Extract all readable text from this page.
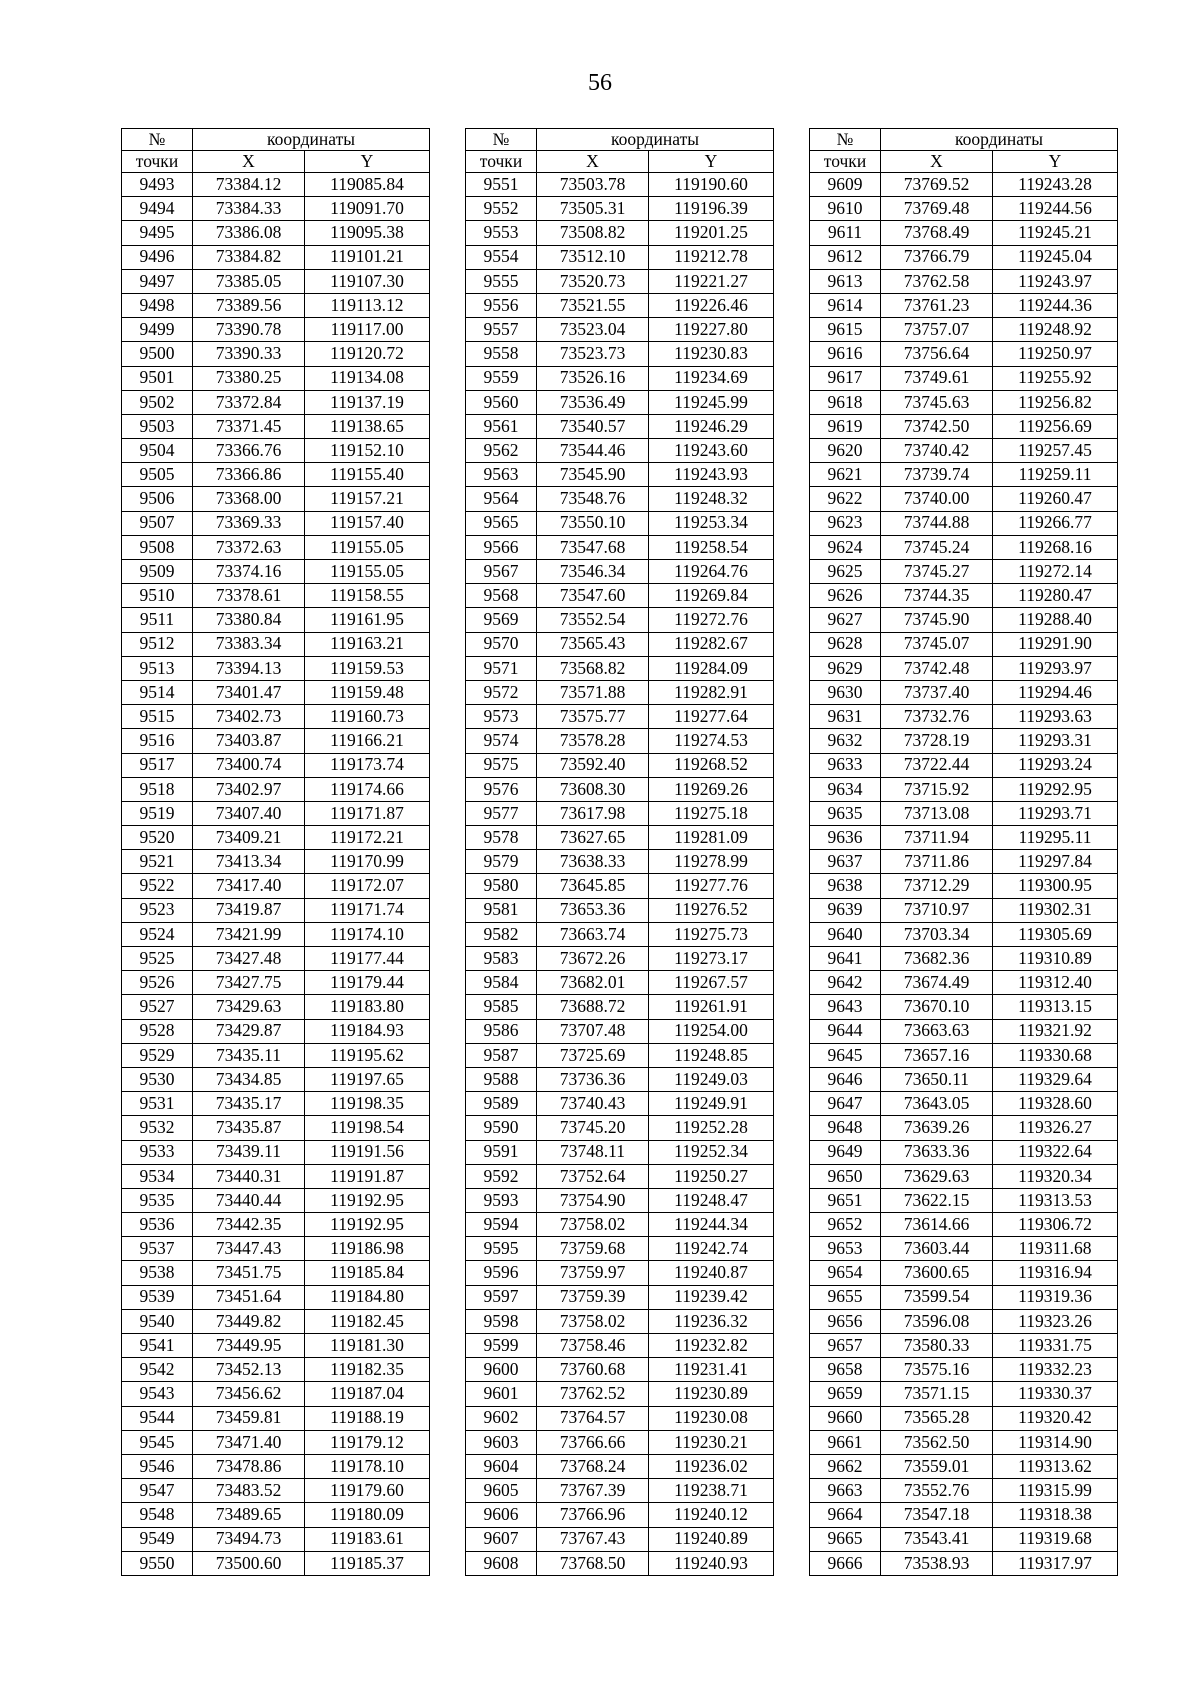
56
№	координаты	
точки	X	Y
9493	73384.12	119085.84
9494	73384.33	119091.70
9495	73386.08	119095.38
9496	73384.82	119101.21
9497	73385.05	119107.30
9498	73389.56	119113.12
9499	73390.78	119117.00
9500	73390.33	119120.72
9501	73380.25	119134.08
9502	73372.84	119137.19
9503	73371.45	119138.65
9504	73366.76	119152.10
9505	73366.86	119155.40
9506	73368.00	119157.21
9507	73369.33	119157.40
9508	73372.63	119155.05
9509	73374.16	119155.05
9510	73378.61	119158.55
9511	73380.84	119161.95
9512	73383.34	119163.21
9513	73394.13	119159.53
9514	73401.47	119159.48
9515	73402.73	119160.73
9516	73403.87	119166.21
9517	73400.74	119173.74
9518	73402.97	119174.66
9519	73407.40	119171.87
9520	73409.21	119172.21
9521	73413.34	119170.99
9522	73417.40	119172.07
9523	73419.87	119171.74
9524	73421.99	119174.10
9525	73427.48	119177.44
9526	73427.75	119179.44
9527	73429.63	119183.80
9528	73429.87	119184.93
9529	73435.11	119195.62
9530	73434.85	119197.65
9531	73435.17	119198.35
9532	73435.87	119198.54
9533	73439.11	119191.56
9534	73440.31	119191.87
9535	73440.44	119192.95
9536	73442.35	119192.95
9537	73447.43	119186.98
9538	73451.75	119185.84
9539	73451.64	119184.80
9540	73449.82	119182.45
9541	73449.95	119181.30
9542	73452.13	119182.35
9543	73456.62	119187.04
9544	73459.81	119188.19
9545	73471.40	119179.12
9546	73478.86	119178.10
9547	73483.52	119179.60
9548	73489.65	119180.09
9549	73494.73	119183.61
9550	73500.60	119185.37
№	координаты	
точки	X	Y
9551	73503.78	119190.60
9552	73505.31	119196.39
9553	73508.82	119201.25
9554	73512.10	119212.78
9555	73520.73	119221.27
9556	73521.55	119226.46
9557	73523.04	119227.80
9558	73523.73	119230.83
9559	73526.16	119234.69
9560	73536.49	119245.99
9561	73540.57	119246.29
9562	73544.46	119243.60
9563	73545.90	119243.93
9564	73548.76	119248.32
9565	73550.10	119253.34
9566	73547.68	119258.54
9567	73546.34	119264.76
9568	73547.60	119269.84
9569	73552.54	119272.76
9570	73565.43	119282.67
9571	73568.82	119284.09
9572	73571.88	119282.91
9573	73575.77	119277.64
9574	73578.28	119274.53
9575	73592.40	119268.52
9576	73608.30	119269.26
9577	73617.98	119275.18
9578	73627.65	119281.09
9579	73638.33	119278.99
9580	73645.85	119277.76
9581	73653.36	119276.52
9582	73663.74	119275.73
9583	73672.26	119273.17
9584	73682.01	119267.57
9585	73688.72	119261.91
9586	73707.48	119254.00
9587	73725.69	119248.85
9588	73736.36	119249.03
9589	73740.43	119249.91
9590	73745.20	119252.28
9591	73748.11	119252.34
9592	73752.64	119250.27
9593	73754.90	119248.47
9594	73758.02	119244.34
9595	73759.68	119242.74
9596	73759.97	119240.87
9597	73759.39	119239.42
9598	73758.02	119236.32
9599	73758.46	119232.82
9600	73760.68	119231.41
9601	73762.52	119230.89
9602	73764.57	119230.08
9603	73766.66	119230.21
9604	73768.24	119236.02
9605	73767.39	119238.71
9606	73766.96	119240.12
9607	73767.43	119240.89
9608	73768.50	119240.93
№	координаты	
точки	X	Y
9609	73769.52	119243.28
9610	73769.48	119244.56
9611	73768.49	119245.21
9612	73766.79	119245.04
9613	73762.58	119243.97
9614	73761.23	119244.36
9615	73757.07	119248.92
9616	73756.64	119250.97
9617	73749.61	119255.92
9618	73745.63	119256.82
9619	73742.50	119256.69
9620	73740.42	119257.45
9621	73739.74	119259.11
9622	73740.00	119260.47
9623	73744.88	119266.77
9624	73745.24	119268.16
9625	73745.27	119272.14
9626	73744.35	119280.47
9627	73745.90	119288.40
9628	73745.07	119291.90
9629	73742.48	119293.97
9630	73737.40	119294.46
9631	73732.76	119293.63
9632	73728.19	119293.31
9633	73722.44	119293.24
9634	73715.92	119292.95
9635	73713.08	119293.71
9636	73711.94	119295.11
9637	73711.86	119297.84
9638	73712.29	119300.95
9639	73710.97	119302.31
9640	73703.34	119305.69
9641	73682.36	119310.89
9642	73674.49	119312.40
9643	73670.10	119313.15
9644	73663.63	119321.92
9645	73657.16	119330.68
9646	73650.11	119329.64
9647	73643.05	119328.60
9648	73639.26	119326.27
9649	73633.36	119322.64
9650	73629.63	119320.34
9651	73622.15	119313.53
9652	73614.66	119306.72
9653	73603.44	119311.68
9654	73600.65	119316.94
9655	73599.54	119319.36
9656	73596.08	119323.26
9657	73580.33	119331.75
9658	73575.16	119332.23
9659	73571.15	119330.37
9660	73565.28	119320.42
9661	73562.50	119314.90
9662	73559.01	119313.62
9663	73552.76	119315.99
9664	73547.18	119318.38
9665	73543.41	119319.68
9666	73538.93	119317.97
